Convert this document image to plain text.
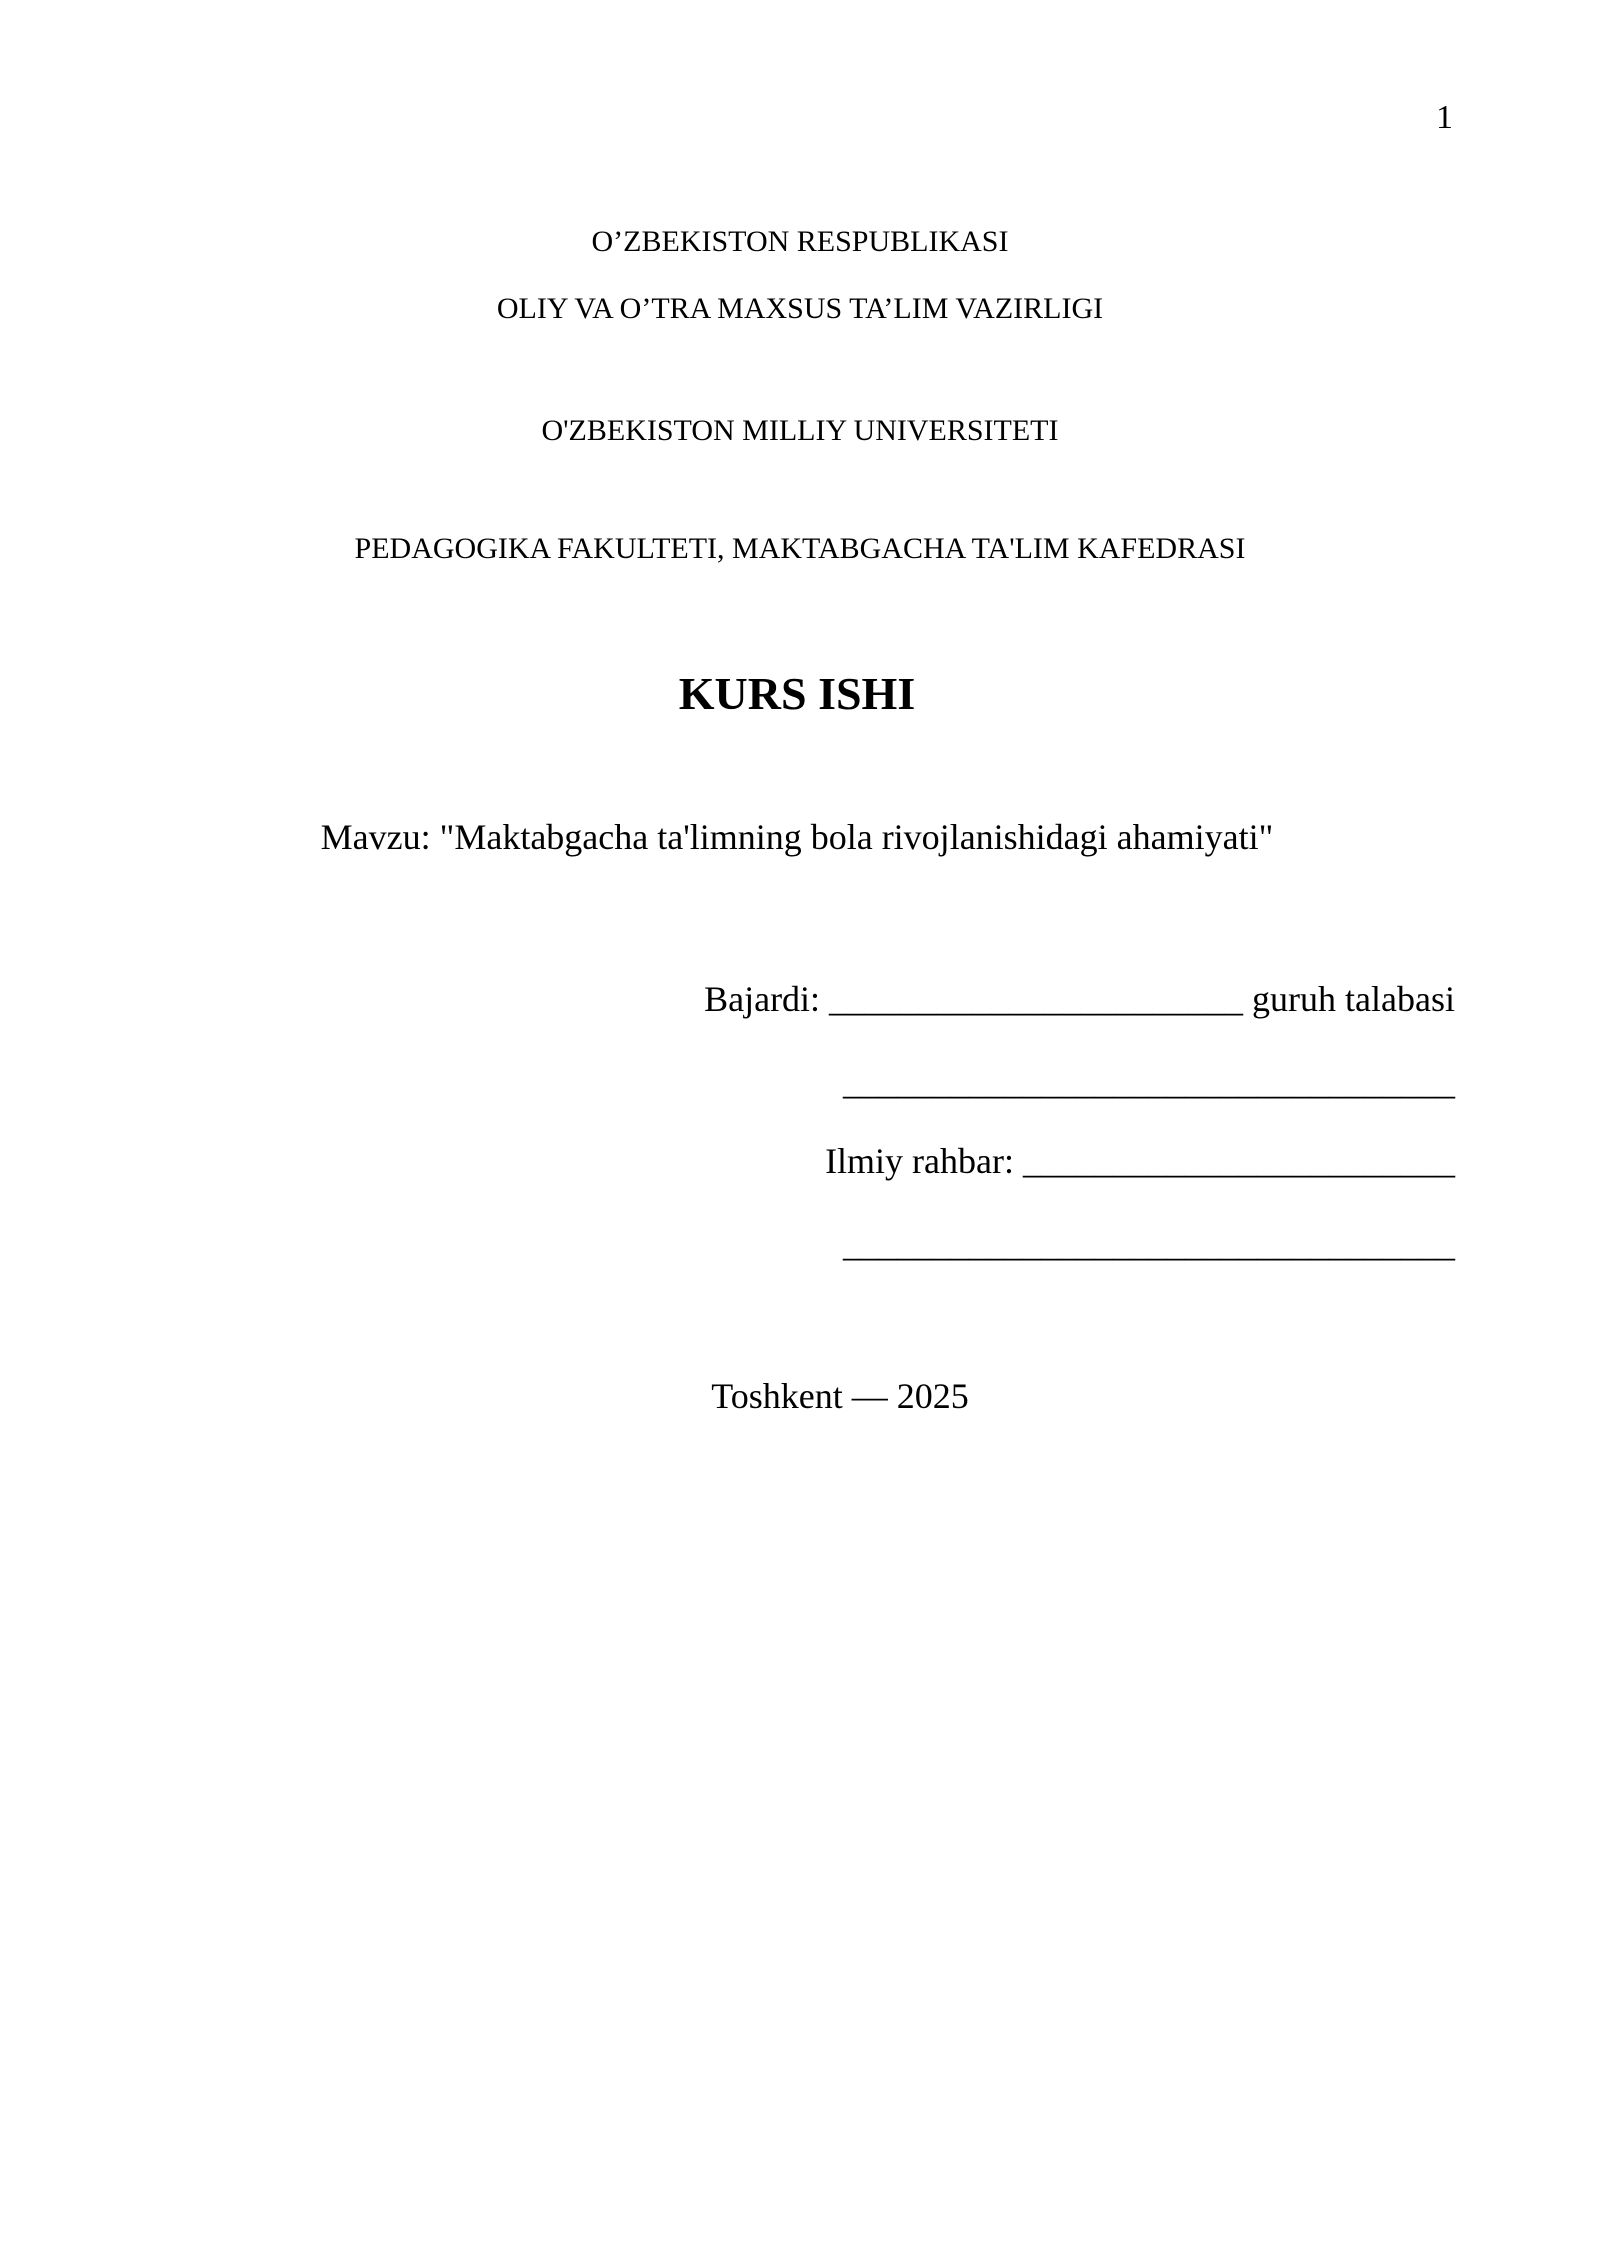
1
O’ZBEKISTON RESPUBLIKASI
OLIY VA O’TRA MAXSUS TA’LIM VAZIRLIGI
O'ZBEKISTON MILLIY UNIVERSITETI
PEDAGOGIKA FAKULTETI, MAKTABGACHA TA'LIM KAFEDRASI
KURS ISHI
Mavzu: "Maktabgacha ta'limning bola rivojlanishidagi ahamiyati"
Bajardi: _______________________ guruh talabasi
__________________________________
Ilmiy rahbar: ________________________
__________________________________
Toshkent — 2025
